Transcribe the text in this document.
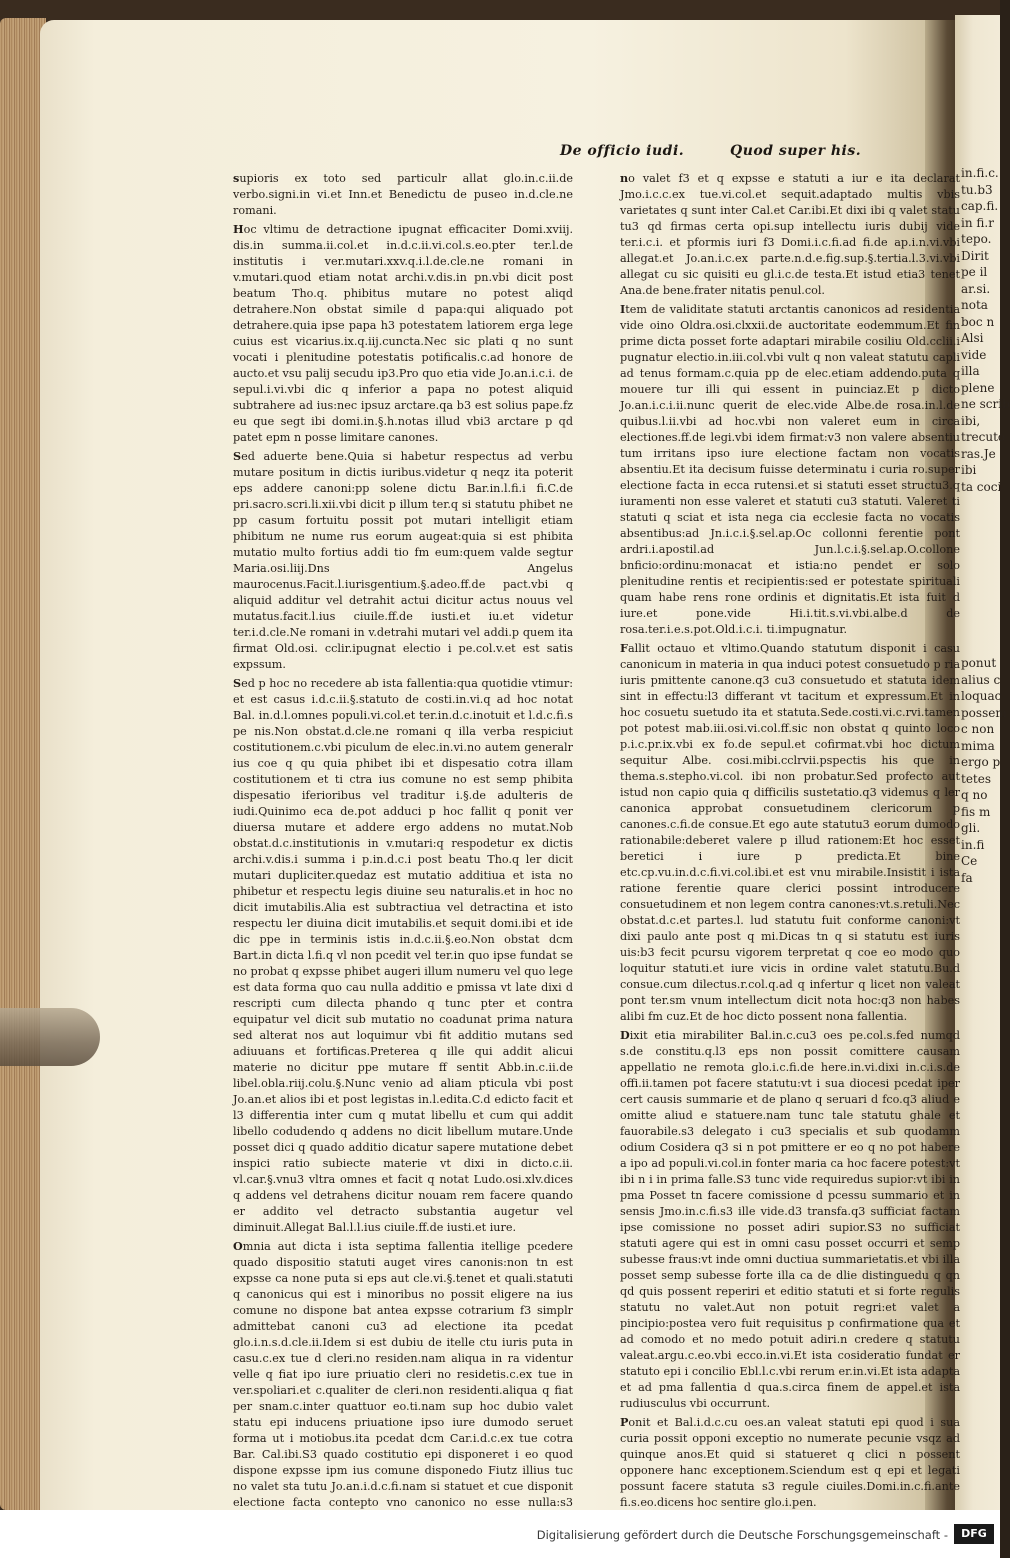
in.fi.c.
tu.b3
cap.fi.
in fi.r
tepo.
Dirit
pe il
ar.si.
nota
boc n
Alsi
vide
illa
plene
ne scrib
ibi,
trecuto
ras.Je
ibi
ta coci
ponut
alius c
loquac
possem
c non
mima
ergo p
tetes
q no
fis m
gli.
in.fi
Ce
fa
De officio iudi.	Quod super his.

supioris ex toto sed particulr allat glo.in.c.ii.de verbo.signi.in vi.et Inn.et Benedictu de puseo in.d.cle.ne romani.

Hoc vltimu de detractione ipugnat efficaciter Domi.xviij. dis.in summa.ii.col.et in.d.c.ii.vi.col.s.eo.pter ter.l.de institutis i ver.mutari.xxv.q.i.l.de.cle.ne romani in v.mutari.quod etiam notat archi.v.dis.in pn.vbi dicit post beatum Tho.q. phibitus mutare no potest aliqd detrahere.Non obstat simile d papa:qui aliquado pot detrahere.quia ipse papa h3 potestatem latiorem erga lege cuius est vicarius.ix.q.iij.cuncta.Nec sic plati q no sunt vocati i plenitudine potestatis potificalis.c.ad honore de aucto.et vsu palij secudu ip3.Pro quo etia vide Jo.an.i.c.i. de sepul.i.vi.vbi dic q inferior a papa no potest aliquid subtrahere ad ius:nec ipsuz arctare.qa b3 est solius pape.fz eu que segt ibi domi.in.§.h.notas illud vbi3 arctare p qd patet epm n posse limitare canones.

Sed aduerte bene.Quia si habetur respectus ad verbu mutare positum in dictis iuribus.videtur q neqz ita poterit eps addere canoni:pp solene dictu Bar.in.l.fi.i fi.C.de pri.sacro.scri.li.xii.vbi dicit p illum ter.q si statutu phibet ne pp casum fortuitu possit pot mutari intelligit etiam phibitum ne nume rus eorum augeat:quia si est phibita mutatio multo fortius addi tio fm eum:quem valde segtur Maria.osi.liij.Dns Angelus maurocenus.Facit.l.iurisgentium.§.adeo.ff.de pact.vbi q aliquid additur vel detrahit actui dicitur actus nouus vel mutatus.facit.l.ius ciuile.ff.de iusti.et iu.et videtur ter.i.d.cle.Ne romani in v.detrahi mutari vel addi.p quem ita firmat Old.osi. cclir.ipugnat electio i pe.col.v.et est satis expssum.

Sed p hoc no recedere ab ista fallentia:qua quotidie vtimur: et est casus i.d.c.ii.§.statuto de costi.in.vi.q ad hoc notat Bal. in.d.l.omnes populi.vi.col.et ter.in.d.c.inotuit et l.d.c.fi.s pe nis.Non obstat.d.cle.ne romani q illa verba respiciut costitutionem.c.vbi piculum de elec.in.vi.no autem generalr ius coe q qu quia phibet ibi et dispesatio cotra illam costitutionem et ti ctra ius comune no est semp phibita dispesatio iferioribus vel traditur i.§.de adulteris de iudi.Quinimo eca de.pot adduci p hoc fallit q ponit ver diuersa mutare et addere ergo addens no mutat.Nob obstat.d.c.institutionis in v.mutari:q respodetur ex dictis archi.v.dis.i summa i p.in.d.c.i post beatu Tho.q ler dicit mutari dupliciter.quedaz est mutatio additiua et ista no phibetur et respectu legis diuine seu naturalis.et in hoc no dicit imutabilis.Alia est subtractiua vel detractina et isto respectu ler diuina dicit imutabilis.et sequit domi.ibi et ide dic ppe in terminis istis in.d.c.ii.§.eo.Non obstat dcm Bart.in dicta l.fi.q vl non pcedit vel ter.in quo ipse fundat se no probat q expsse phibet augeri illum numeru vel quo lege est data forma quo cau nulla additio e pmissa vt late dixi d rescripti cum dilecta phando q tunc pter et contra equipatur vel dicit sub mutatio no coadunat prima natura sed alterat nos aut loquimur vbi fit additio mutans sed adiuuans et fortificas.Preterea q ille qui addit alicui materie no dicitur ppe mutare ff sentit Abb.in.c.ii.de libel.obla.riij.colu.§.Nunc venio ad aliam pticula vbi post Jo.an.et alios ibi et post legistas in.l.edita.C.d edicto facit et l3 differentia inter cum q mutat libellu et cum qui addit libello codudendo q addens no dicit libellum mutare.Unde posset dici q quado additio dicatur sapere mutatione debet inspici ratio subiecte materie vt dixi in dicto.c.ii. vl.car.§.vnu3 vltra omnes et facit q notat Ludo.osi.xlv.dices q addens vel detrahens dicitur nouam rem facere quando er addito vel detracto substantia augetur vel diminuit.Allegat Bal.l.l.ius ciuile.ff.de iusti.et iure.

Omnia aut dicta i ista septima fallentia itellige pcedere quado dispositio statuti auget vires canonis:non tn est expsse ca none puta si eps aut cle.vi.§.tenet et quali.statuti q canonicus qui est i minoribus no possit eligere na ius comune no dispone bat antea expsse cotrarium f3 simplr admittebat canoni cu3 ad electione ita pcedat glo.i.n.s.d.cle.ii.Idem si est dubiu de itelle ctu iuris puta in casu.c.ex tue d cleri.no residen.nam aliqua in ra videntur velle q fiat ipo iure priuatio cleri no residetis.c.ex tue in ver.spoliari.et c.qualiter de cleri.non residenti.aliqua q fiat per snam.c.inter quattuor eo.ti.nam sup hoc dubio valet statu epi inducens priuatione ipso iure dumodo seruet forma ut i motiobus.ita pcedat dcm Car.i.d.c.ex tue cotra Bar. Cal.ibi.S3 quado costitutio epi disponeret i eo quod dispone expsse ipm ius comune disponedo Fiutz illius tuc no valet sta tutu Jo.an.i.d.c.fi.nam si statuet et cue disponit electione facta contepto vno canonico no esse nulla:s3

no valet f3 et q expsse e statuti a iur e ita declarat Jmo.i.c.c.ex tue.vi.col.et sequit.adaptado multis vbis varietates q sunt inter Cal.et Car.ibi.Et dixi ibi q valet statu tu3 qd firmas certa opi.sup intellectu iuris dubij vide ter.i.c.i. et pformis iuri f3 Domi.i.c.fi.ad fi.de ap.i.n.vi.vbi allegat.et Jo.an.i.c.ex parte.n.d.e.fig.sup.§.tertia.l.3.vi.vbi allegat cu sic quisiti eu gl.i.c.de testa.Et istud etia3 tenet Ana.de bene.frater nitatis penul.col.

Item de validitate statuti arctantis canonicos ad residentia vide oino Oldra.osi.clxxii.de auctoritate eodemmum.Et fin prime dicta posset forte adaptari mirabile cosiliu Old.cclii.i pugnatur electio.in.iii.col.vbi vult q non valeat statutu capli ad tenus formam.c.quia pp de elec.etiam addendo.puta q mouere tur illi qui essent in puinciaz.Et p dicto Jo.an.i.c.i.ii.nunc querit de elec.vide Albe.de rosa.in.l.de quibus.l.ii.vbi ad hoc.vbi non valeret eum in circa electiones.ff.de legi.vbi idem firmat:v3 non valere absentiu tum irritans ipso iure electione factam non vocatis absentiu.Et ita decisum fuisse determinatu i curia ro.super electione facta in ecca rutensi.et si statuti esset structu3.q iuramenti non esse valeret et statuti cu3 statuti. Valeret ti statuti q sciat et ista nega cia ecclesie facta no vocatis absentibus:ad Jn.i.c.i.§.sel.ap.Oc collonni ferentie pont ardri.i.apostil.ad Jun.l.c.i.§.sel.ap.O.collone bnficio:ordinu:monacat et istia:no pendet er solo plenitudine rentis et recipientis:sed er potestate spirituali quam habe rens rone ordinis et dignitatis.Et ista fuit d iure.et pone.vide Hi.i.tit.s.vi.vbi.albe.d de rosa.ter.i.e.s.pot.Old.i.c.i. ti.impugnatur.

Fallit octauo et vltimo.Quando statutum disponit i casu canonicum in materia in qua induci potest consuetudo p ria iuris pmittente canone.q3 cu3 consuetudo et statuta idem sint in effectu:l3 differant vt tacitum et expressum.Et in hoc cosuetu suetudo ita et statuta.Sede.costi.vi.c.rvi.tamen pot potest mab.iii.osi.vi.col.ff.sic non obstat q quinto loco p.i.c.pr.ix.vbi ex fo.de sepul.et cofirmat.vbi hoc dictum sequitur Albe. cosi.mibi.cclrvii.pspectis his que in thema.s.stepho.vi.col. ibi non probatur.Sed profecto aut istud non capio quia q difficilis sustetatio.q3 videmus q ler canonica approbat consuetudinem clericorum p canones.c.fi.de consue.Et ego aute statutu3 eorum dumodo rationabile:deberet valere p illud rationem:Et hoc esset beretici i iure p predicta.Et bine etc.cp.vu.in.d.c.fi.vi.col.ibi.et est vnu mirabile.Insistit i ista ratione ferentie quare clerici possint introducere consuetudinem et non legem contra canones:vt.s.retuli.Nec obstat.d.c.et partes.l. lud statutu fuit conforme canoni:vt dixi paulo ante post q mi.Dicas tn q si statutu est iuris uis:b3 fecit pcursu vigorem terpretat q coe eo modo quo loquitur statuti.et iure vicis in ordine valet statutu.Bu.d consue.cum dilectus.r.col.q.ad q infertur q licet non valeat pont ter.sm vnum intellectum dicit nota hoc:q3 non habes alibi fm cuz.Et de hoc dicto possent nona fallentia.

Dixit etia mirabiliter Bal.in.c.cu3 oes pe.col.s.fed numqd s.de constitu.q.l3 eps non possit comittere causam appellatio ne remota glo.i.c.fi.de here.in.vi.dixi in.c.i.s.de offi.ii.tamen pot facere statutu:vt i sua diocesi pcedat iper cert causis summarie et de plano q seruari d fco.q3 aliud e omitte aliud e statuere.nam tunc tale statutu ghale et fauorabile.s3 delegato i cu3 specialis et sub quodamm odium Cosidera q3 si n pot pmittere er eo q no pot habere a ipo ad populi.vi.col.in fonter maria ca hoc facere potest:vt ibi n i in prima falle.S3 tunc vide requiredus supior:vt ibi in pma Posset tn facere comissione d pcessu summario et in sensis Jmo.in.c.fi.s3 ille vide.d3 transfa.q3 sufficiat factam ipse comissione no posset adiri supior.S3 no sufficiat statuti agere qui est in omni casu posset occurri et semp subesse fraus:vt inde omni ductiua summarietatis.et vbi illa posset semp subesse forte illa ca de dlie distinguedu q qn qd quis possent reperiri et editio statuti et si forte regulis statutu no valet.Aut non potuit regri:et valet a pincipio:postea vero fuit requisitus p confirmatione qua et ad comodo et no medo potuit adiri.n credere q statutu valeat.argu.c.eo.vbi ecco.in.vi.Et ista cosideratio fundat er statuto epi i concilio Ebl.l.c.vbi rerum er.in.vi.Et ista adapta et ad pma fallentia d qua.s.circa finem de appel.et ista rudiusculus vbi occurrunt.

Ponit et Bal.i.d.c.cu oes.an valeat statuti epi quod i sua curia possit opponi exceptio no numerate pecunie vsqz ad quinque anos.Et quid si statueret q clici n possent opponere hanc exceptionem.Sciendum est q epi et legati possunt facere statuta s3 regule ciuiles.Domi.in.c.fi.ante fi.s.eo.dicens hoc sentire glo.i.pen.

Digitalisierung gefördert durch die Deutsche Forschungsgemeinschaft -	DFG
